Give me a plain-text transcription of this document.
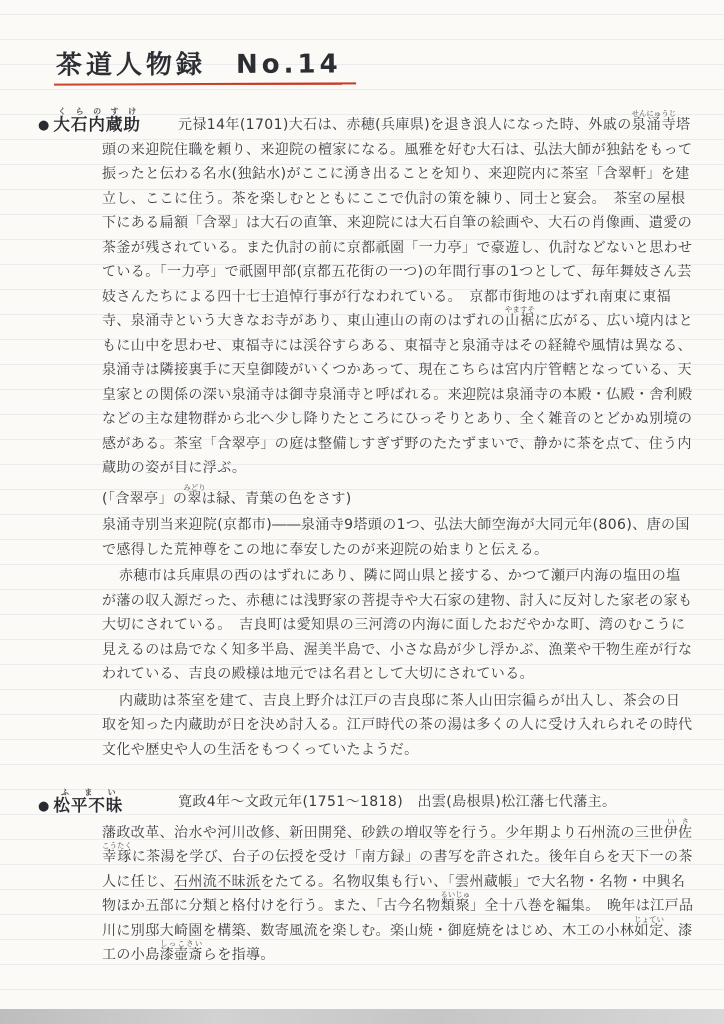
茶道人物録　No.14
● 大石内蔵助くらのすけ

元禄14年(1701)大石は、赤穂(兵庫県)を退き浪人になった時、外戚の泉涌寺せんにゅうじ塔頭の来迎院住職を頼り、来迎院の檀家になる。風雅を好む大石は、弘法大師が独鈷をもって振ったと伝わる名水(独鈷水)がここに湧き出ることを知り、来迎院内に茶室「含翠軒」を建立し、ここに住う。茶を楽しむとともにここで仇討の策を練り、同士と宴会。　茶室の屋根下にある扁額「含翠」は大石の直筆、来迎院には大石自筆の絵画や、大石の肖像画、遺愛の茶釜が残されている。また仇討の前に京都祇園「一力亭」で豪遊し、仇討などないと思わせている。「一力亭」で祇園甲部(京都五花街の一つ)の年間行事の1つとして、毎年舞妓さん芸妓さんたちによる四十七士追悼行事が行なわれている。　京都市街地のはずれ南東に東福寺、泉涌寺という大きなお寺があり、東山連山の南のはずれの山裾やますそに広がる、広い境内はともに山中を思わせ、東福寺には渓谷すらある、東福寺と泉涌寺はその経緯や風情は異なる、泉涌寺は隣接裏手に天皇御陵がいくつかあって、現在こちらは宮内庁管轄となっている、天皇家との関係の深い泉涌寺は御寺泉涌寺と呼ばれる。来迎院は泉涌寺の本殿・仏殿・舎利殿などの主な建物群から北へ少し降りたところにひっそりとあり、全く雑音のとどかぬ別境の感がある。茶室「含翠亭」の庭は整備しすぎず野のたたずまいで、静かに茶を点て、住う内蔵助の姿が目に浮ぶ。

(「含翠亭」の翠みどりは緑、青葉の色をさす)

泉涌寺別当来迎院(京都市)――泉涌寺9塔頭の1つ、弘法大師空海が大同元年(806)、唐の国で感得した荒神尊をこの地に奉安したのが来迎院の始まりと伝える。

赤穂市は兵庫県の西のはずれにあり、隣に岡山県と接する、かつて瀬戸内海の塩田の塩が藩の収入源だった、赤穂には浅野家の菩提寺や大石家の建物、討入に反対した家老の家も大切にされている。　吉良町は愛知県の三河湾の内海に面したおだやかな町、湾のむこうに見えるのは島でなく知多半島、渥美半島で、小さな島が少し浮かぶ、漁業や干物生産が行なわれている、吉良の殿様は地元では名君として大切にされている。

内蔵助は茶室を建て、吉良上野介は江戸の吉良邸に茶人山田宗徧らが出入し、茶会の日取を知った内蔵助が日を決め討入る。江戸時代の茶の湯は多くの人に受け入れられその時代文化や歴史や人の生活をもつくっていたようだ。

● 松平不昧ふまい

寛政4年～文政元年(1751～1818)　出雲(島根県)松江藩七代藩主。

藩政改革、治水や河川改修、新田開発、砂鉄の増収等を行う。少年期より石州流の三世伊佐いさ幸琢こうたくに茶湯を学び、台子の伝授を受け「南方録」の書写を許された。後年自らを天下一の茶人に任じ、石州流不昧派をたてる。名物収集も行い、「雲州蔵帳」で大名物・名物・中興名物ほか五部に分類と格付けを行う。また、「古今名物類聚るいじゅ」全十八巻を編集。　晩年は江戸品川に別邸大崎園を構築、数寄風流を楽しむ。楽山焼・御庭焼をはじめ、木工の小林如定じょてい、漆工の小島漆壺斎しっこさいらを指導。
